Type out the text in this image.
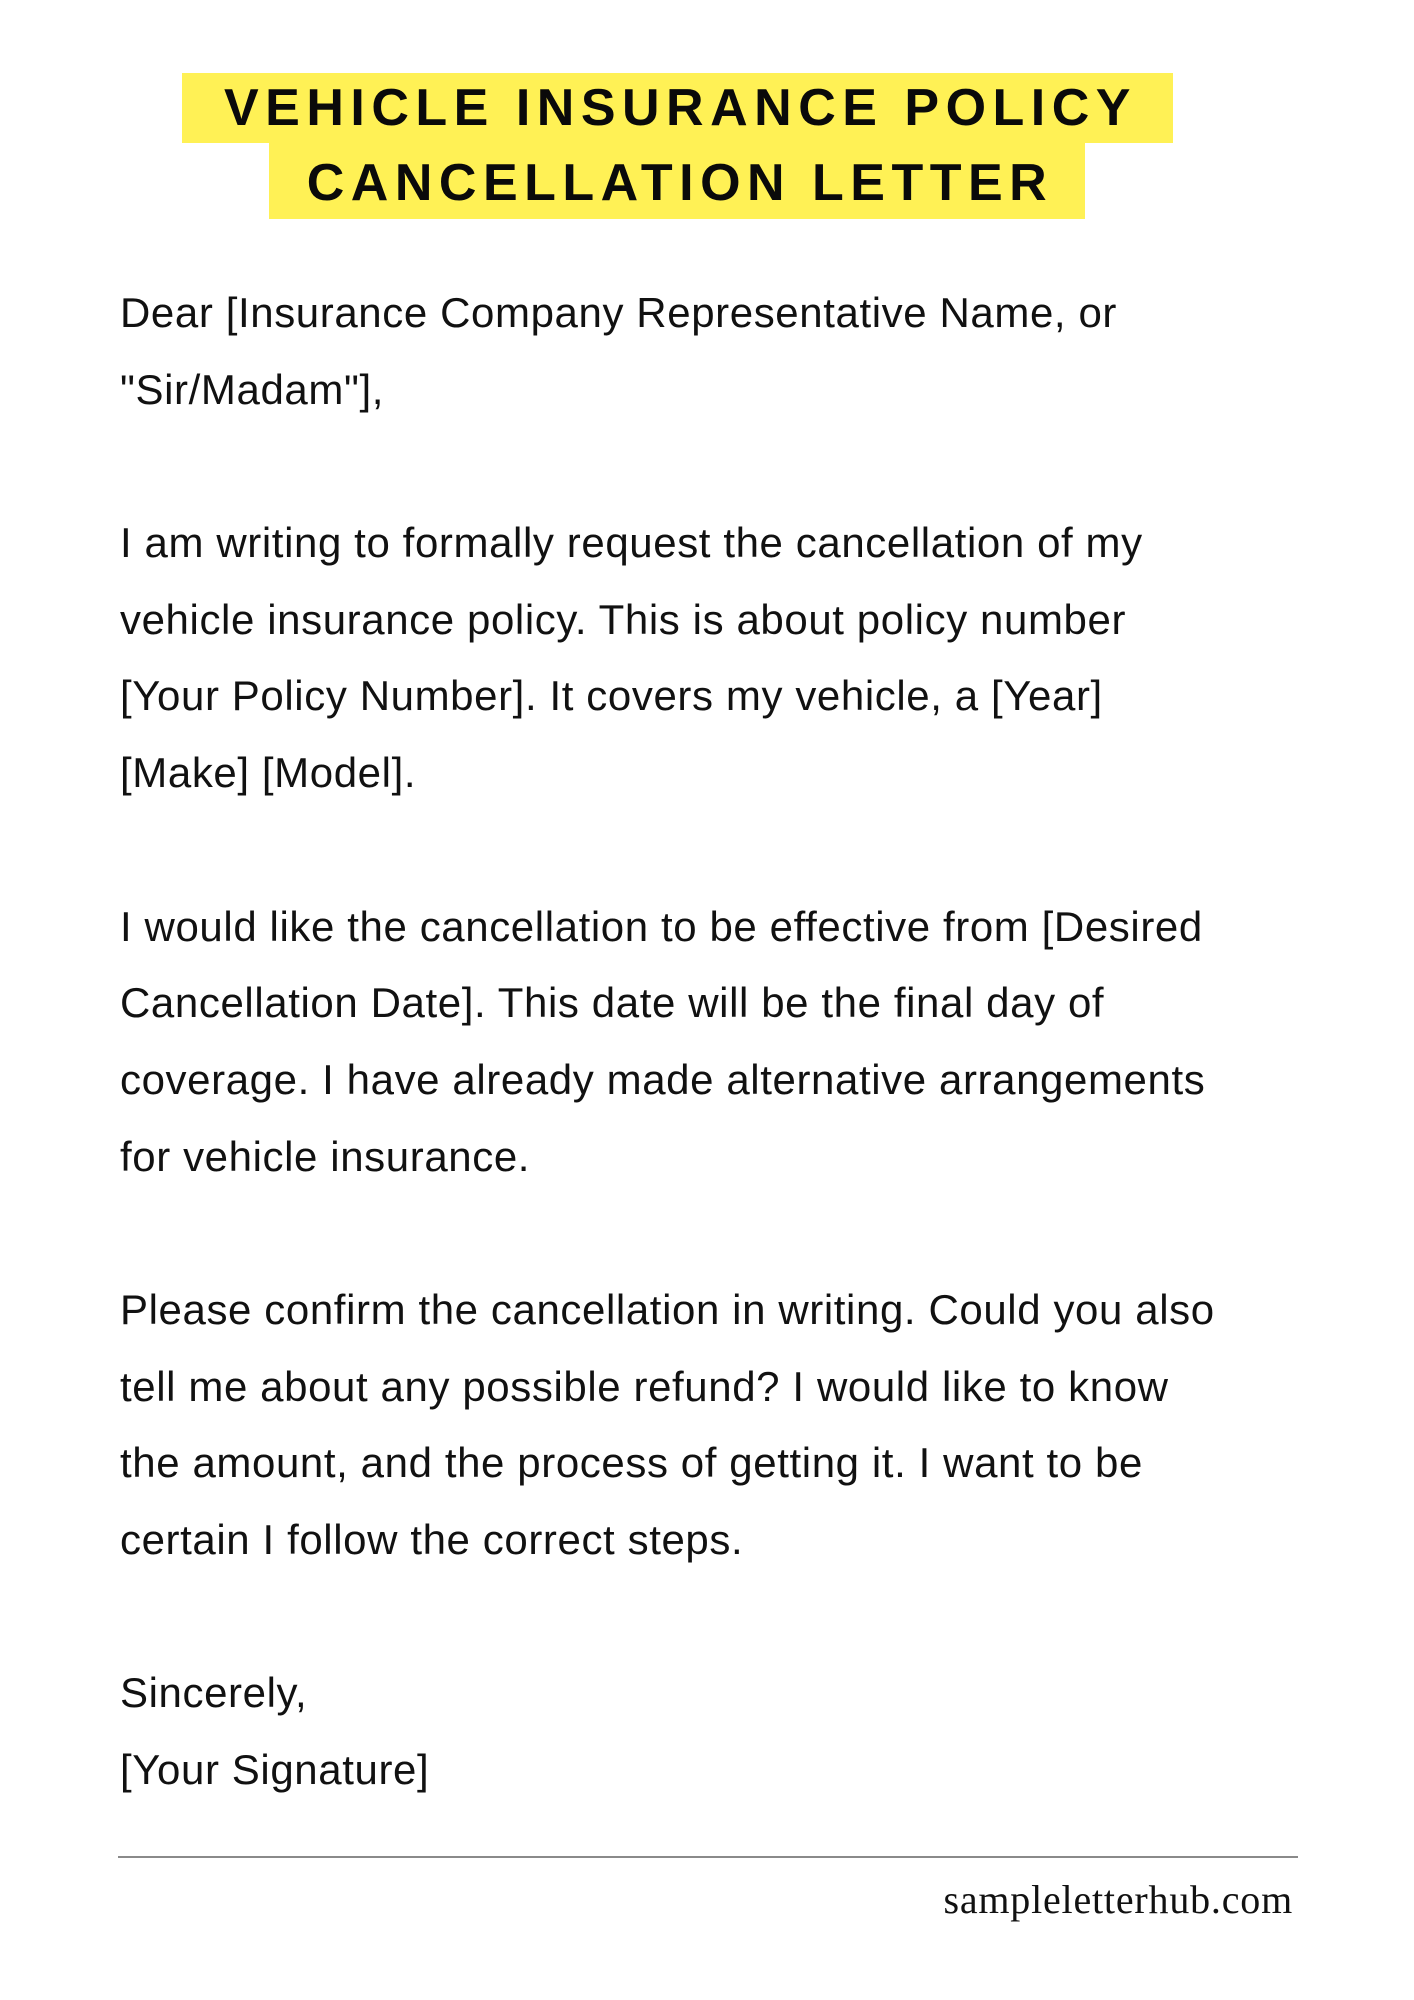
VEHICLE INSURANCE POLICY
CANCELLATION LETTER
Dear [Insurance Company Representative Name, or
"Sir/Madam"],
I am writing to formally request the cancellation of my
vehicle insurance policy. This is about policy number
[Your Policy Number]. It covers my vehicle, a [Year]
[Make] [Model].
I would like the cancellation to be effective from [Desired
Cancellation Date]. This date will be the final day of
coverage. I have already made alternative arrangements
for vehicle insurance.
Please confirm the cancellation in writing. Could you also
tell me about any possible refund? I would like to know
the amount, and the process of getting it. I want to be
certain I follow the correct steps.
Sincerely,
[Your Signature]
sampleletterhub.com
